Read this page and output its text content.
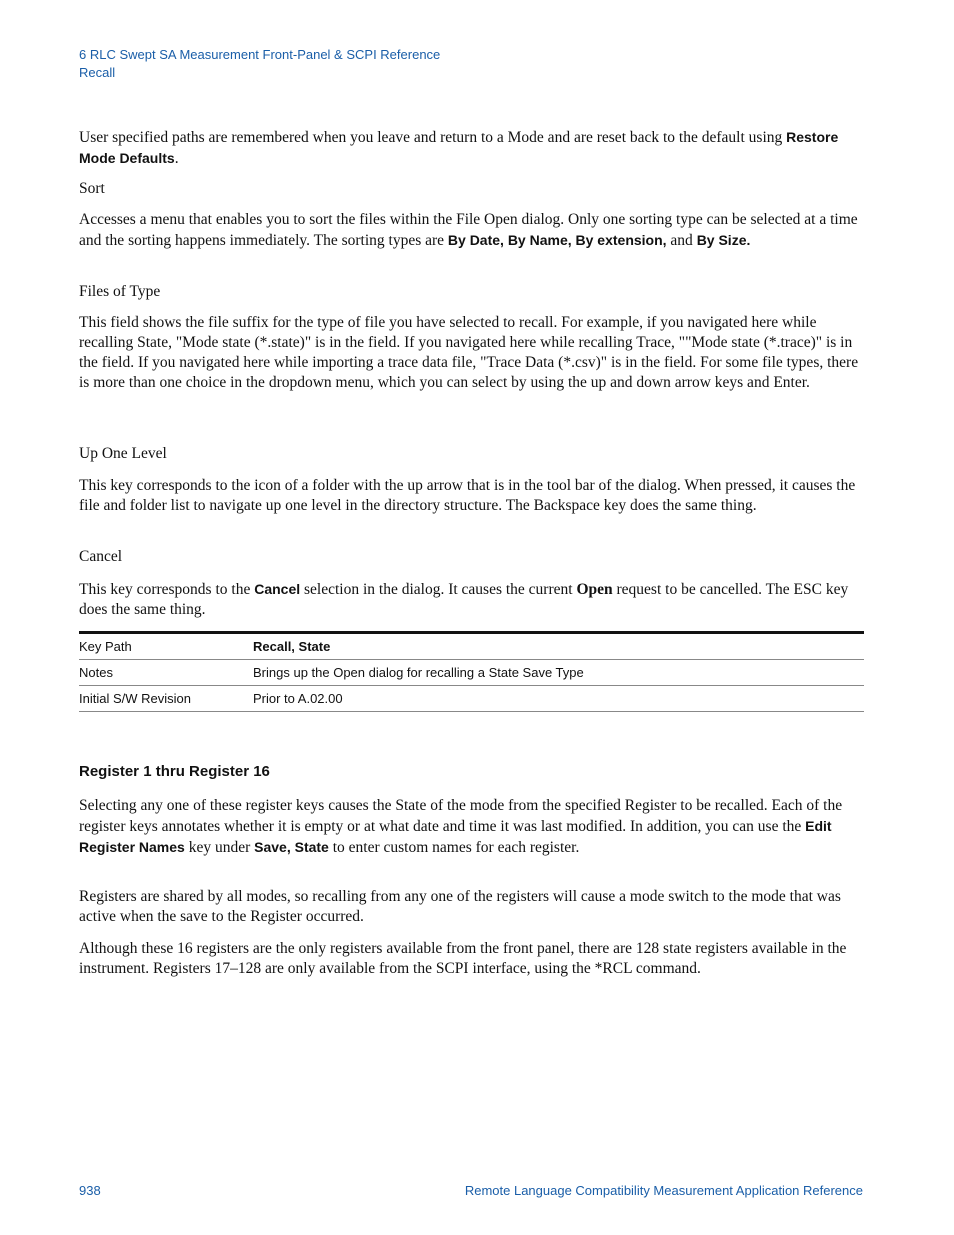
6 RLC Swept SA Measurement Front-Panel & SCPI Reference
Recall

User specified paths are remembered when you leave and return to a Mode and are reset back to the default using Restore Mode Defaults.

Sort

Accesses a menu that enables you to sort the files within the File Open dialog. Only one sorting type can be selected at a time and the sorting happens immediately. The sorting types are By Date, By Name, By extension, and By Size.

Files of Type

This field shows the file suffix for the type of file you have selected to recall. For example, if you navigated here while recalling State, "Mode state (*.state)" is in the field. If you navigated here while recalling Trace, ""Mode state (*.trace)" is in the field. If you navigated here while importing a trace data file, "Trace Data (*.csv)" is in the field. For some file types, there is more than one choice in the dropdown menu, which you can select by using the up and down arrow keys and Enter.

Up One Level

This key corresponds to the icon of a folder with the up arrow that is in the tool bar of the dialog. When pressed, it causes the file and folder list to navigate up one level in the directory structure. The Backspace key does the same thing.

Cancel

This key corresponds to the Cancel selection in the dialog. It causes the current Open request to be cancelled. The ESC key does the same thing.

Key Path	Recall, State
Notes	Brings up the Open dialog for recalling a State Save Type
Initial S/W Revision	Prior to A.02.00
Register 1 thru Register 16

Selecting any one of these register keys causes the State of the mode from the specified Register to be recalled. Each of the register keys annotates whether it is empty or at what date and time it was last modified. In addition, you can use the Edit Register Names key under Save, State to enter custom names for each register.

Registers are shared by all modes, so recalling from any one of the registers will cause a mode switch to the mode that was active when the save to the Register occurred.

Although these 16 registers are the only registers available from the front panel, there are 128 state registers available in the instrument. Registers 17–128 are only available from the SCPI interface, using the *RCL command.

938	Remote Language Compatibility Measurement Application Reference
